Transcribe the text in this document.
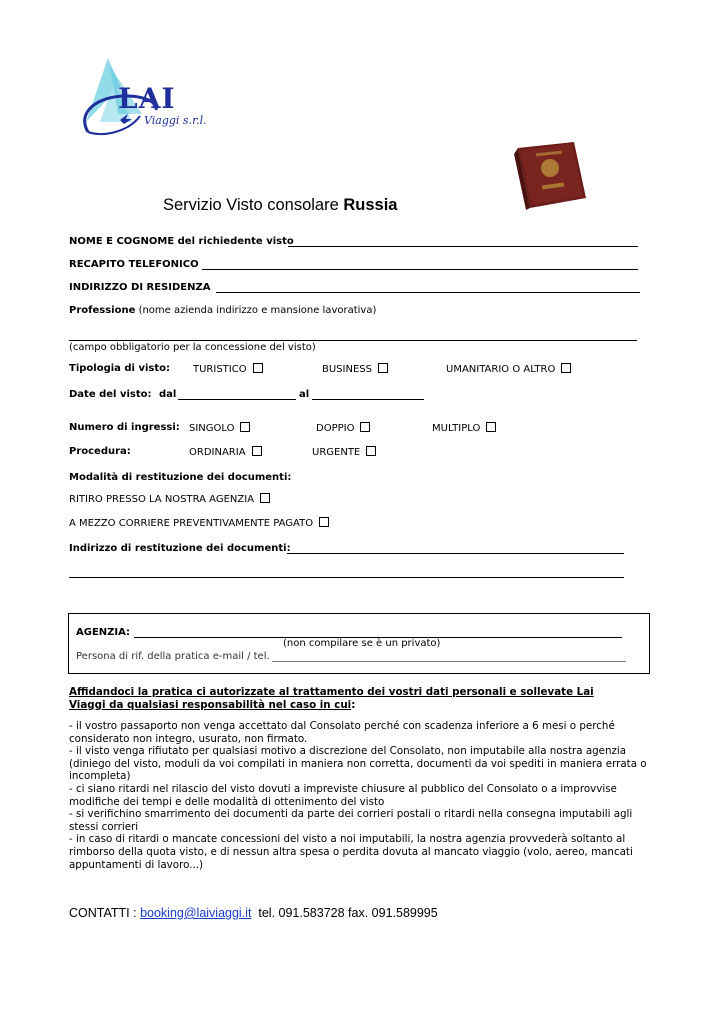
LAI
Viaggi s.r.l.
Servizio Visto consolare Russia
NOME E COGNOME del richiedente visto
RECAPITO TELEFONICO
INDIRIZZO DI RESIDENZA
Professione (nome azienda indirizzo e mansione lavorativa)
(campo obbligatorio per la concessione del visto)
Tipologia di visto: TURISTICO	BUSINESS	UMANITARIO O ALTRO
Date del visto: dal	al
Numero di ingressi: SINGOLO	DOPPIO	MULTIPLO
Procedura:	ORDINARIA	URGENTE
Modalità di restituzione dei documenti:
RITIRO PRESSO LA NOSTRA AGENZIA
A MEZZO CORRIERE PREVENTIVAMENTE PAGATO
Indirizzo di restituzione dei documenti:
AGENZIA:
(non compilare se è un privato)
Persona di rif. della pratica e-mail / tel.
Affidandoci la pratica ci autorizzate al trattamento dei vostri dati personali e sollevate Lai Viaggi da qualsiasi responsabilità nel caso in cui:
- il vostro passaporto non venga accettato dal Consolato perché con scadenza inferiore a 6 mesi o perché considerato non integro, usurato, non firmato.
- il visto venga rifiutato per qualsiasi motivo a discrezione del Consolato, non imputabile alla nostra agenzia (diniego del visto, moduli da voi compilati in maniera non corretta, documenti da voi spediti in maniera errata o incompleta)
- ci siano ritardi nel rilascio del visto dovuti a impreviste chiusure al pubblico del Consolato o a improvvise modifiche dei tempi e delle modalità di ottenimento del visto
- si verifichino smarrimento dei documenti da parte dei corrieri postali o ritardi nella consegna imputabili agli stessi corrieri
- in caso di ritardi o mancate concessioni del visto a noi imputabili, la nostra agenzia provvederà soltanto al rimborso della quota visto, e di nessun altra spesa o perdita dovuta al mancato viaggio (volo, aereo, mancati appuntamenti di lavoro...)
CONTATTI : booking@laiviaggi.it  tel. 091.583728 fax. 091.589995
